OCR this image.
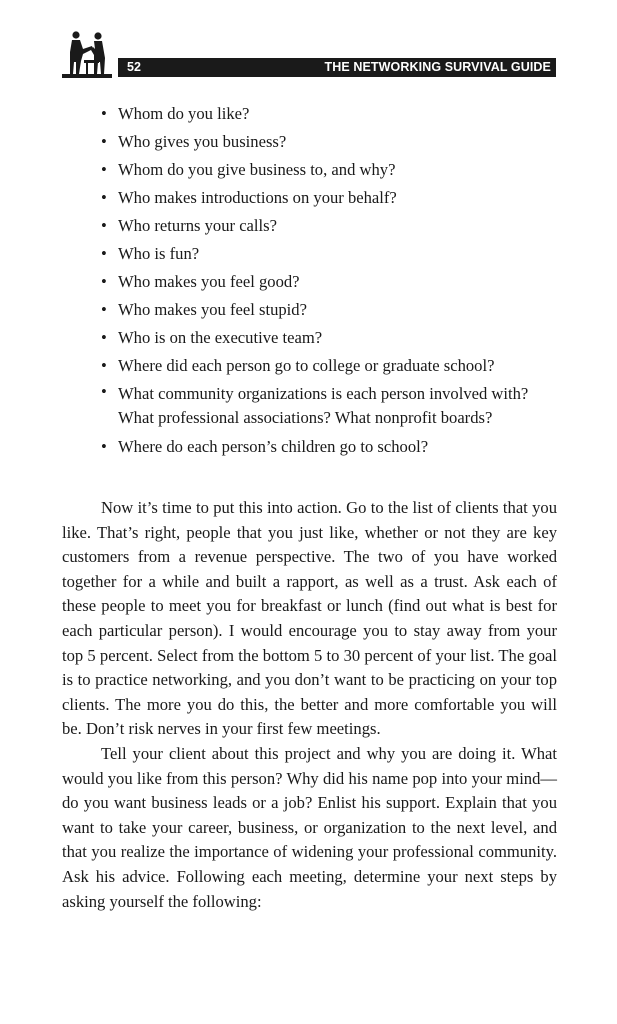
52	THE NETWORKING SURVIVAL GUIDE
• Whom do you like?
• Who gives you business?
• Whom do you give business to, and why?
• Who makes introductions on your behalf?
• Who returns your calls?
• Who is fun?
• Who makes you feel good?
• Who makes you feel stupid?
• Who is on the executive team?
• Where did each person go to college or graduate school?
• What community organizations is each person involved with? What professional associations? What nonprofit boards?
• Where do each person’s children go to school?

Now it’s time to put this into action. Go to the list of clients that you like. That’s right, people that you just like, whether or not they are key customers from a revenue perspective. The two of you have worked together for a while and built a rapport, as well as a trust. Ask each of these people to meet you for breakfast or lunch (find out what is best for each particular person). I would encourage you to stay away from your top 5 percent. Select from the bottom 5 to 30 percent of your list. The goal is to practice networking, and you don’t want to be practicing on your top clients. The more you do this, the better and more comfortable you will be. Don’t risk nerves in your first few meetings.

Tell your client about this project and why you are doing it. What would you like from this person? Why did his name pop into your mind—do you want business leads or a job? Enlist his support. Explain that you want to take your career, business, or organization to the next level, and that you realize the importance of widening your professional community. Ask his advice. Following each meeting, determine your next steps by asking yourself the following:
